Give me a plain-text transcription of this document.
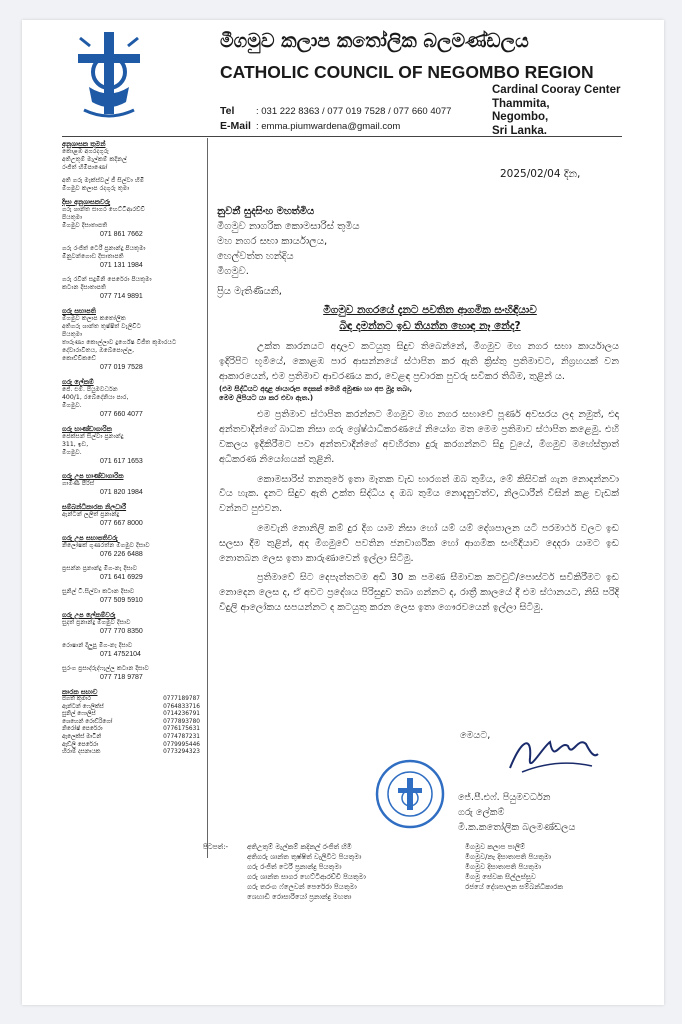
මීගමුව කලාප කතෝලික බලමණ්ඩලය
CATHOLIC COUNCIL OF NEGOMBO REGION
Cardinal Cooray Center
Thammita,
Negombo,
Sri Lanka.
Tel : 031 222 8363 / 077 019 7528 / 077 660 4077
E-Mail : emma.piumwardena@gmail.com
අනුශාසක තුමන්
කොළඹ අගරදගුරු
අතිඋතුම් මැල්කම් කදිනල්
රංජිත් හිමිපාණෝ
අති ගරු මැක්ස්වල් ජී සිල්වා හිමි
මීගමුව කලාප රදගුරු තුමා
දිසා අනුශාසකවරු
ගරු ශාන්ත සාගර හෙට්ටිආරච්චි
පියතුමා
මීගමුව දිසාතාපති
071 861 7662
ගරු රංජිත් ටෙරී ප්‍රනාන්දු පියතුමා
මිනුවන්ගොඩ දිසාතාපති
071 131 1984
ගරු රවීන් සදුමිනි පෙරේරා පියතුමා
කටාන දිසාතාපති
077 714 9891
ගරු සභාපති
මීගමුව කලාප කතෝලික
අතිගරු ශාන්ත තුෂ්ෂිත් වැලිවිට
පියතුමා
තාරුණ්‍ය කොල්ලාව දුර්ගේෂ විජීත කුමාරයට
දේවාරාවිතය, ඔබේපොල්ල,
කොච්චිකඩේ
077 019 7528
ගරු ලේකම්
ජේ. එම්. පියුමවර්ධන
400/1, රබේදේනියා පාර,
මීගමුව.
077 660 4077
ගරු භාණ්ඩාගාරික
ජෙක්සන් සිල්වා ප්‍රනාන්දු
311, ඉඩ,
මීගමුව.
071 617 1653
ගරු උප භාණ්ඩාගාරික
ගාමිණී පීරිස්
071 820 1984
සම්බන්ධීකාරක නිලධාරී
ඇන්ටන් ලලිත් ප්‍රනාන්දු
077 667 8000
ගරු උප සභාපතිවරු
නිලෝෂක් ගුණරත්න මීගමුව දිසාව
076 226 6488
ප්‍රසන්න ප්‍රනාන්දු මීග-නැ දිසාව
071 641 6929
සුනිල් ටී.සිල්වා කටාන දිසාව
077 509 5910
ගරු උප ලේකම්වරු
සුදත් ප්‍රනාන්දු මීගමුව දිසාව
077 770 8350
රොෂාන් දිලුපු මීග-නැ දිසාව
071 4752104
සුරංග ප්‍රසාද්රුද්ෆැල්ල කටාන දිසාව
077 718 9787
කාරක සභාව
ජගත් කුමාර	0777189787
ඇන්ටන් ෆෙලික්ස්	0764833716
සුනිල් ෆොලිස්	0714236791
ශෙහෙන් රොඩ්රිගෝ	0777893780
නිරෝෂ් පෙරේරා	0776175631
ඇලෙක්ස් මාටින්	0774787231
ඇඩ්ලි පෙරේරා	0779995446
හිරාම් දසනායක	0773294323
2025/02/04 දින,
නුවනී සුදසිංහ මහත්මිය
මීගමුව නාගරික කොමසාරිස් තුමිය
මහ නගර සභා කාර්යාලය,
හෙල්වත්ත හන්දිය
මීගමුව.
ප්‍රිය මැතිණියනි,
මීගමුව නගරයේ දැනට පවතින ආගමික සංහිඳියාව
බිඳ දමන්නට ඉඩ තියන්න හොඳ නෑ නේද?

උක්ත කාරනයට අදාලව කටයුතු සිදුව තිබෙන්නේ, මීගමුව මහ නගර සභා කාර්යාලය ඉදිරිපිට භූමියේ, කොළඹ පාර ආසන්නයේ ස්ථාපිත කර ඇති ක්‍රිස්තු ප්‍රතිමාවට, නිග්‍රහයක් වන ආකාරයෙන්, එම ප්‍රතිමාව ආවරණය කර, වෙළඳ ප්‍රචාරක පුවරු සවිකර තිබීම, තුළින් ය.
(එම සිද්ධියට අදාළ ඡායාරූප දෙකක් මෙහි අමුණා හා අප මුද්‍ර තබා,
මෙම ලිපියට යා කර එවා ඇත.)

එම ප්‍රතිමාව ස්ථාපිත කරන්නට මීගමුව මහ නගර සභාවේ පූර්ණ අවසරය ලද නමුත්, එදා අන්තවාදීන්ගේ බාධක නිසා ගරු ශ්‍රේෂ්ඨාධිකරණයේ නියෝග මත මෙම ප්‍රතිමාව ස්ථාපිත කළෙමු. එහි වකලය ඉදිකිරීමට පවා අන්තවාදීන්ගේ අවහිරතා දුරු කරගන්නට සිදු වුයේ, මීගමුව මහේස්ත්‍රාත් අධිකරණ නියෝගයක් තුළිනි.

කොමසාරිස් තනතුරේ ඉතා මෑතක වැඩ භාරගත් ඔබ තුමිය, මේ කිසිවක් ගැන නොදන්නවා විය හැක. දැනට සිදුව ඇති උක්ත සිද්ධිය ද ඔබ තුමිය නොදැනුවත්ව, නිලධාරීන් විසින් කළ වැඩක් වන්නට පුළුවන.

මෙවැනි නොනිලි කම් දුර දිග යාම නිසා හෝ යම් යම් දේශපාලන යටි පරමාර්ථ වලට ඉඩ සලසා දීම තුළින්, අද මීගමුවේ පවතින ජනවාර්ගික හෝ ආගමික සංහිඳියාව දෙදරා යාමට ඉඩ නොතබන ලෙස ඉතා කාරුණාවෙන් ඉල්ලා සිටිමු.

ප්‍රතිමාවේ සිට දෙපැත්තටම අඩි 30 ක පමණ සීමාවක කටවුට්/පොස්ටර් සවිකිරීමට ඉඩ නොදෙන ලෙස ද, ඒ අවට ප්‍රදේශය පිරිසුදුව තබා ගන්නට ද, රාත්‍රී කාලයේ දී එම ස්ථානයට, නිසි පරිදි විදුලි ආලෝකය සපයන්නට ද කටයුතු කරන ලෙස ඉතා ගෞරවයෙන් ඉල්ලා සිටිමු.

මෙයට,
ජේ.පී.එෆ්. පියුමවර්ධන
ගරු ලේකම්
මී.ක.කතෝලික බලමණ්ඩලය
පිටපත්:-	අතිඋතුම් මැල්කම් කදිනල් රංජිත් හිමි
අතිගරු ශාන්ත තුෂ්ෂිත් වැලිවිට පියතුමා
ගරු රංජිත් ටෙරී ප්‍රනාන්දු පියතුමා
ගරු ශාන්ත සාගර හෙට්ටිආරච්චි පියතුමා
ගරු තරංග ෆ්ලෙවන් පෙරේරා පියතුමා
ශෙහාඩි රොසාරියෝ ප්‍රනාන්දු මහතා
මීගමුව කලාප පාලිම්
මීගමුව/නැ දිසාතාපති පියතුමා
මීගමුව දිසාතාපති පියතුමා
මීගමු සේවක සිල්ලස්සුව
රජයේ දේශපාලන සම්බන්ධිකාරක
